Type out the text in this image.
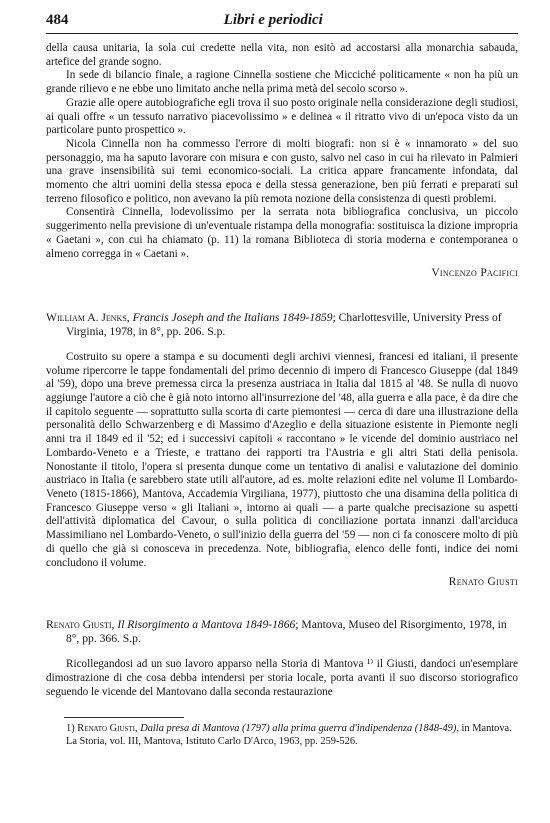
484	Libri e periodici

della causa unitaria, la sola cui credette nella vita, non esitò ad accostarsi alla monarchia sabauda, artefice del grande sogno.

In sede di bilancio finale, a ragione Cinnella sostiene che Micciché politicamente « non ha più un grande rilievo e ne ebbe uno limitato anche nella prima metà del secolo scorso ».

Grazie alle opere autobiografiche egli trova il suo posto originale nella considerazione degli studiosi, ai quali offre « un tessuto narrativo piacevolissimo » e delinea « il ritratto vivo di un'epoca visto da un particolare punto prospettico ».

Nicola Cinnella non ha commesso l'errore di molti biografi: non si è « innamorato » del suo personaggio, ma ha saputo lavorare con misura e con gusto, salvo nel caso in cui ha rilevato in Palmieri una grave insensibilità sui temi economico-sociali. La critica appare francamente infondata, dal momento che altri uomini della stessa epoca e della stessa generazione, ben più ferrati e preparati sul terreno filosofico e politico, non avevano la più remota nozione della consistenza di questi problemi.

Consentirà Cinnella, lodevolissimo per la serrata nota bibliografica conclusiva, un piccolo suggerimento nella previsione di un'eventuale ristampa della monografia: sostituisca la dizione impropria « Gaetani », con cui ha chiamato (p. 11) la romana Biblioteca di storia moderna e contemporanea o almeno corregga in « Caetani ».

Vincenzo Pacifici
William A. Jenks, Francis Joseph and the Italians 1849-1859; Charlottesville, University Press of Virginia, 1978, in 8°, pp. 206. S.p.

Costruito su opere a stampa e su documenti degli archivi viennesi, francesi ed italiani, il presente volume ripercorre le tappe fondamentali del primo decennio di impero di Francesco Giuseppe (dal 1849 al '59), dopo una breve premessa circa la presenza austriaca in Italia dal 1815 al '48. Se nulla di nuovo aggiunge l'autore a ciò che è già noto intorno all'insurrezione del '48, alla guerra e alla pace, è da dire che il capitolo seguente — soprattutto sulla scorta di carte piemontesi — cerca di dare una illustrazione della personalità dello Schwarzenberg e di Massimo d'Azeglio e della situazione esistente in Piemonte negli anni tra il 1849 ed il '52; ed i successivi capitoli « raccontano » le vicende del dominio austriaco nel Lombardo-Veneto e a Trieste, e trattano dei rapporti tra l'Austria e gli altri Stati della penisola. Nonostante il titolo, l'opera si presenta dunque come un tentativo di analisi e valutazione del dominio austriaco in Italia (e sarebbero state utili all'autore, ad es. molte relazioni edite nel volume Il Lombardo-Veneto (1815-1866), Mantova, Accademia Virgiliana, 1977), piuttosto che una disamina della politica di Francesco Giuseppe verso « gli Italiani », intorno ai quali — a parte qualche precisazione su aspetti dell'attività diplomatica del Cavour, o sulla politica di conciliazione portata innanzi dall'arciduca Massimiliano nel Lombardo-Veneto, o sull'inizio della guerra del '59 — non ci fa conoscere molto di più di quello che già si conosceva in precedenza. Note, bibliografia, elenco delle fonti, indice dei nomi concludono il volume.

Renato Giusti
Renato Giusti, Il Risorgimento a Mantova 1849-1866; Mantova, Museo del Risorgimento, 1978, in 8°, pp. 366. S.p.

Ricollegandosi ad un suo lavoro apparso nella Storia di Mantova ¹⁾ il Giusti, dandoci un'esemplare dimostrazione di che cosa debba intendersi per storia locale, porta avanti il suo discorso storiografico seguendo le vicende del Mantovano dalla seconda restaurazione

1) Renato Giusti, Dalla presa di Mantova (1797) alla prima guerra d'indipendenza (1848-49), in Mantova. La Storia, vol. III, Mantova, Istituto Carlo D'Arco, 1963, pp. 259-526.
